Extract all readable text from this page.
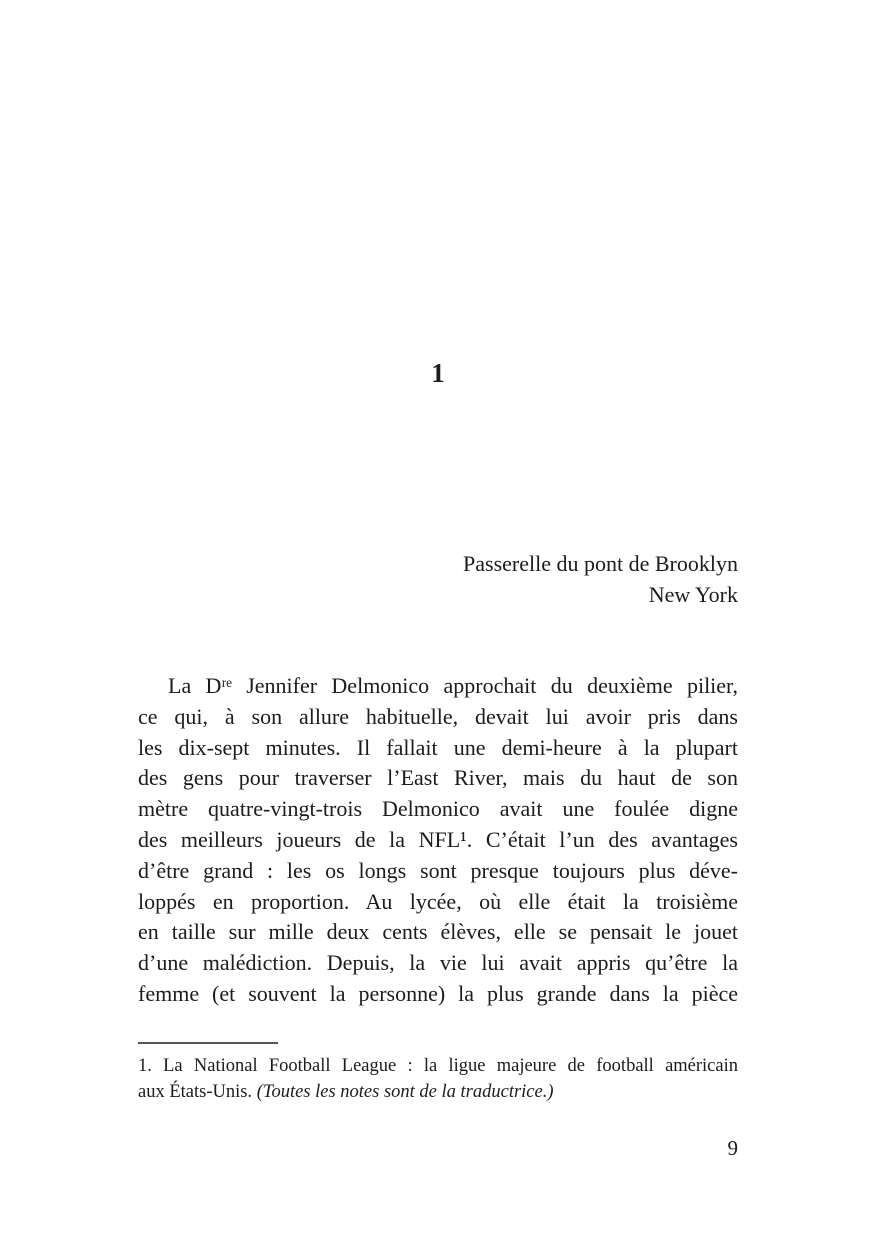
1
Passerelle du pont de Brooklyn
New York
La Dʳᵉ Jennifer Delmonico approchait du deuxième pilier,
ce qui, à son allure habituelle, devait lui avoir pris dans
les dix-sept minutes. Il fallait une demi-heure à la plupart
des gens pour traverser l’East River, mais du haut de son
mètre quatre-vingt-trois Delmonico avait une foulée digne
des meilleurs joueurs de la NFL¹. C’était l’un des avantages
d’être grand : les os longs sont presque toujours plus déve-
loppés en proportion. Au lycée, où elle était la troisième
en taille sur mille deux cents élèves, elle se pensait le jouet
d’une malédiction. Depuis, la vie lui avait appris qu’être la
femme (et souvent la personne) la plus grande dans la pièce
1. La National Football League : la ligue majeure de football américain
aux États-Unis. (Toutes les notes sont de la traductrice.)
9
